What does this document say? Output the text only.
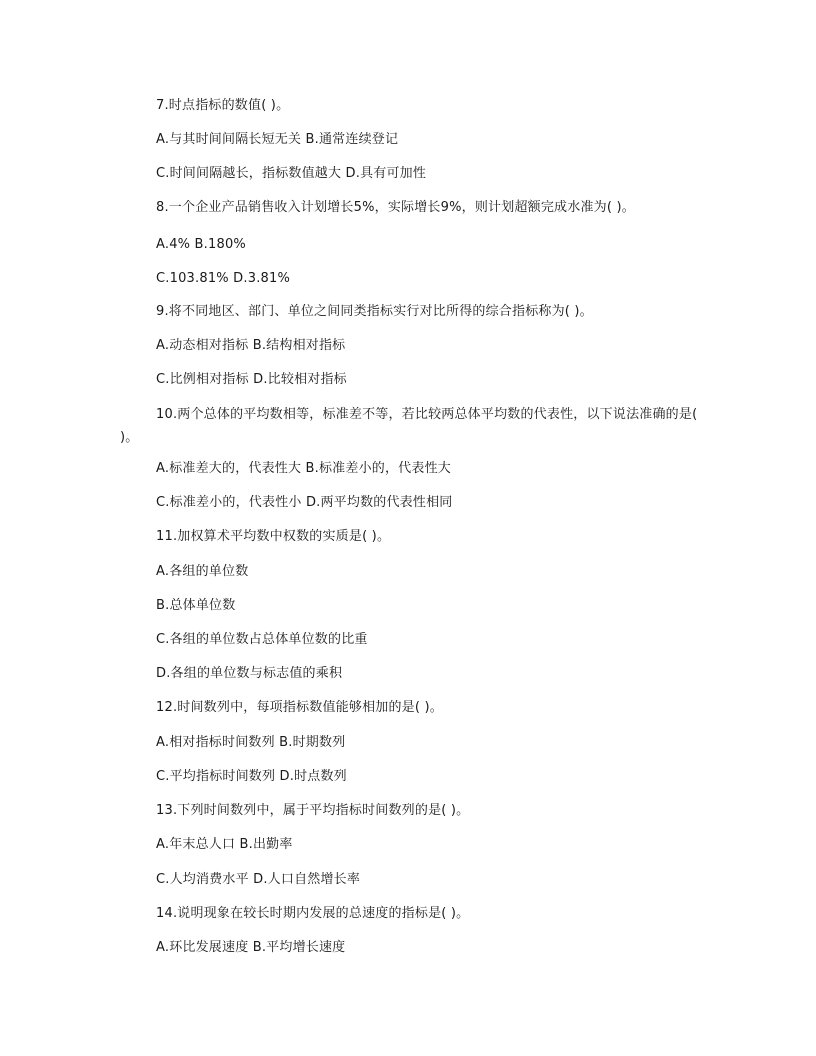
7.时点指标的数值( )。
A.与其时间间隔长短无关 B.通常连续登记
C.时间间隔越长，指标数值越大 D.具有可加性
8.一个企业产品销售收入计划增长5%，实际增长9%，则计划超额完成水准为( )。
A.4% B.180%
C.103.81% D.3.81%
9.将不同地区、部门、单位之间同类指标实行对比所得的综合指标称为( )。
A.动态相对指标 B.结构相对指标
C.比例相对指标 D.比较相对指标
10.两个总体的平均数相等，标准差不等，若比较两总体平均数的代表性，以下说法准确的是( )。
A.标准差大的，代表性大 B.标准差小的，代表性大
C.标准差小的，代表性小 D.两平均数的代表性相同
11.加权算术平均数中权数的实质是( )。
A.各组的单位数
B.总体单位数
C.各组的单位数占总体单位数的比重
D.各组的单位数与标志值的乘积
12.时间数列中，每项指标数值能够相加的是( )。
A.相对指标时间数列 B.时期数列
C.平均指标时间数列 D.时点数列
13.下列时间数列中，属于平均指标时间数列的是( )。
A.年末总人口 B.出勤率
C.人均消费水平 D.人口自然增长率
14.说明现象在较长时期内发展的总速度的指标是( )。
A.环比发展速度 B.平均增长速度
